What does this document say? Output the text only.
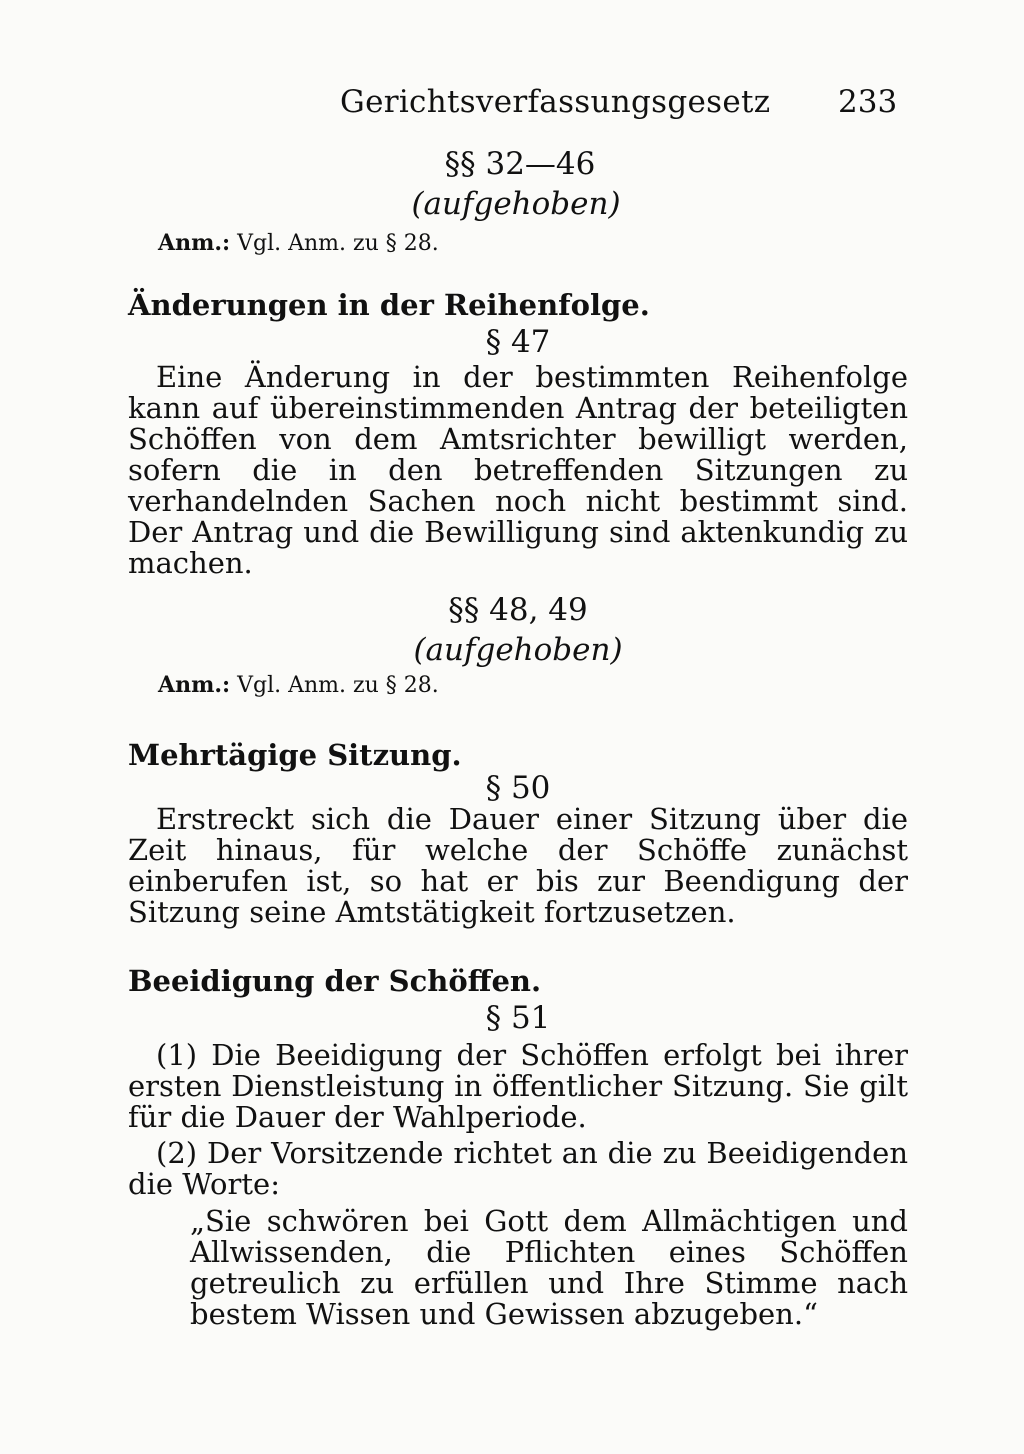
Gerichtsverfassungsgesetz 233
§§ 32—46
(aufgehoben)
Anm.: Vgl. Anm. zu § 28.
Änderungen in der Reihenfolge.
§ 47
Eine Änderung in der bestimmten Reihenfolge kann auf übereinstimmenden Antrag der beteiligten Schöffen von dem Amtsrichter bewilligt werden, sofern die in den betreffenden Sitzungen zu verhandelnden Sachen noch nicht bestimmt sind. Der Antrag und die Bewilligung sind aktenkundig zu machen.
§§ 48, 49
(aufgehoben)
Anm.: Vgl. Anm. zu § 28.
Mehrtägige Sitzung.
§ 50
Erstreckt sich die Dauer einer Sitzung über die Zeit hinaus, für welche der Schöffe zunächst einberufen ist, so hat er bis zur Beendigung der Sitzung seine Amtstätigkeit fortzusetzen.
Beeidigung der Schöffen.
§ 51
(1) Die Beeidigung der Schöffen erfolgt bei ihrer ersten Dienstleistung in öffentlicher Sitzung. Sie gilt für die Dauer der Wahlperiode.
(2) Der Vorsitzende richtet an die zu Beeidigenden die Worte:
„Sie schwören bei Gott dem Allmächtigen und Allwissenden, die Pflichten eines Schöffen getreulich zu erfüllen und Ihre Stimme nach bestem Wissen und Gewissen abzugeben.“
